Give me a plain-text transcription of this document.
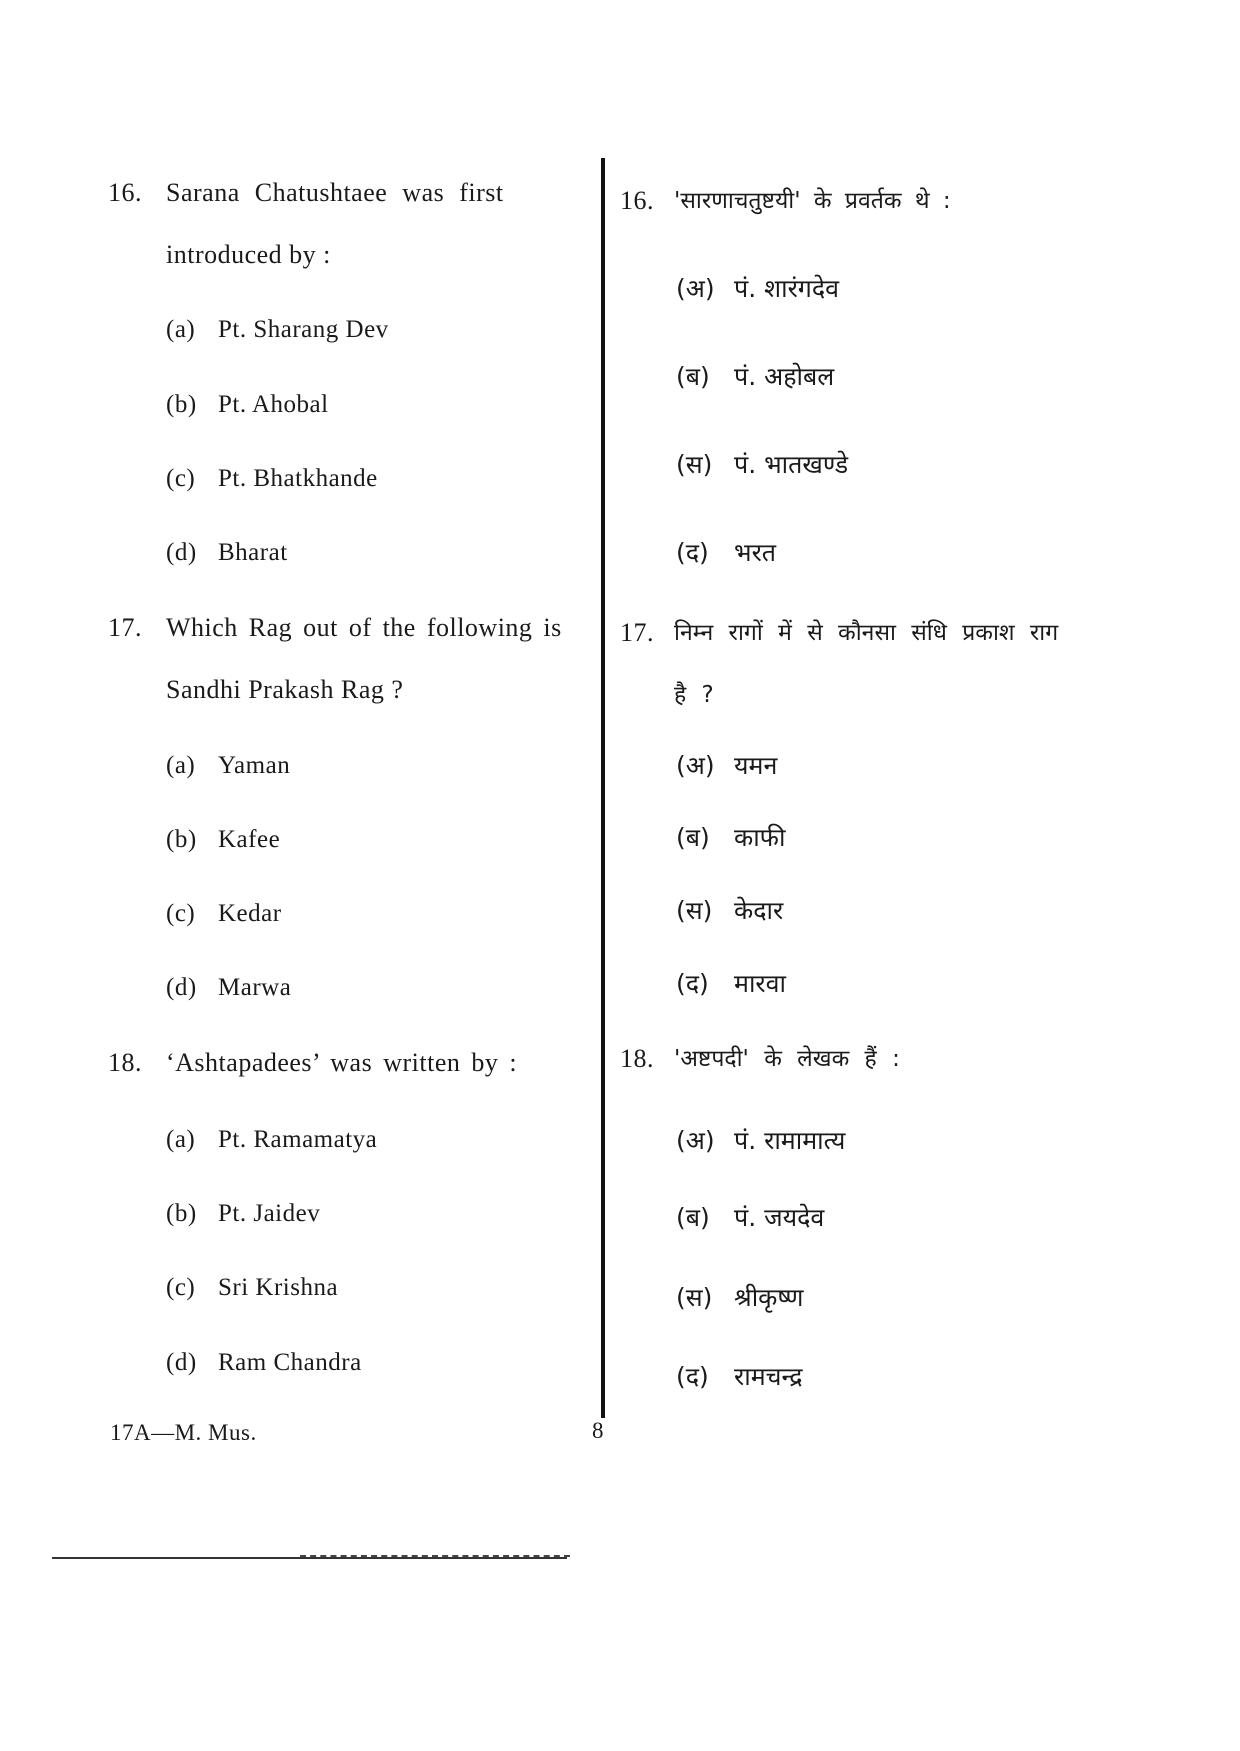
16. Sarana Chatushtaee was first
introduced by :
(a) Pt. Sharang Dev
(b) Pt. Ahobal
(c) Pt. Bhatkhande
(d) Bharat
17. Which Rag out of the following is
Sandhi Prakash Rag ?
(a) Yaman
(b) Kafee
(c) Kedar
(d) Marwa
18. ‘Ashtapadees’ was written by :
(a) Pt. Ramamatya
(b) Pt. Jaidev
(c) Sri Krishna
(d) Ram Chandra
16. 'सारणाचतुष्टयी' के प्रवर्तक थे :
(अ) पं. शारंगदेव
(ब) पं. अहोबल
(स) पं. भातखण्डे
(द) भरत
17. निम्न रागों में से कौनसा संधि प्रकाश राग
है ?
(अ) यमन
(ब) काफी
(स) केदार
(द) मारवा
18. 'अष्टपदी' के लेखक हैं :
(अ) पं. रामामात्य
(ब) पं. जयदेव
(स) श्रीकृष्ण
(द) रामचन्द्र
17A—M. Mus.	8
